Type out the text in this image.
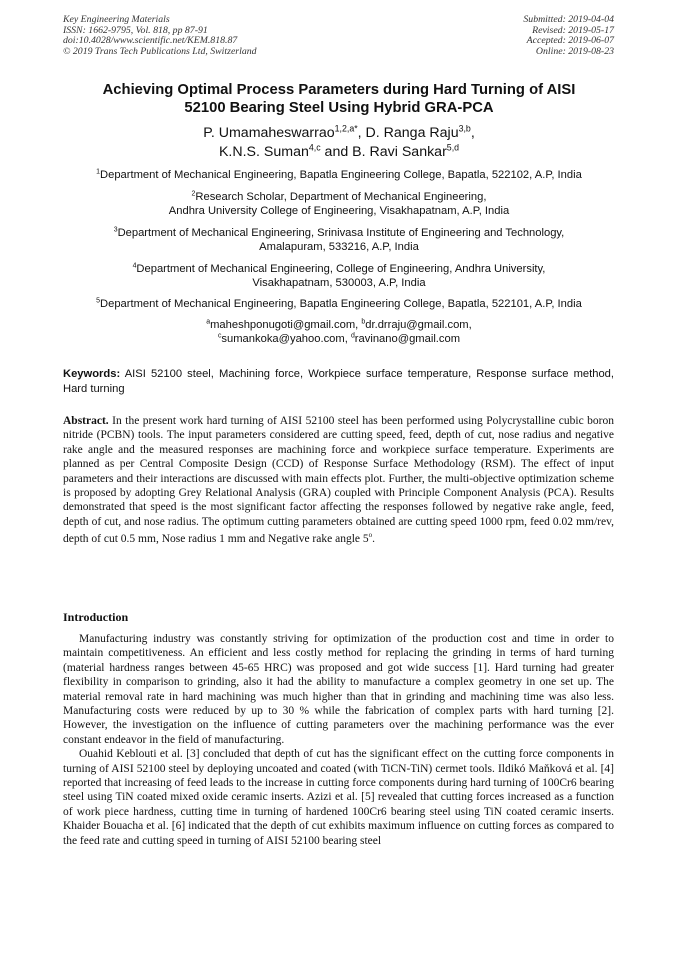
Key Engineering Materials
ISSN: 1662-9795, Vol. 818, pp 87-91
doi:10.4028/www.scientific.net/KEM.818.87
© 2019 Trans Tech Publications Ltd, Switzerland
Submitted: 2019-04-04
Revised: 2019-05-17
Accepted: 2019-06-07
Online: 2019-08-23
Achieving Optimal Process Parameters during Hard Turning of AISI
52100 Bearing Steel Using Hybrid GRA-PCA
P. Umamaheswarrao$^{1,2,a*}$, D. Ranga Raju$^{3,b}$,
K.N.S. Suman$^{4,c}$ and B. Ravi Sankar$^{5,d}$
$^1$Department of Mechanical Engineering, Bapatla Engineering College, Bapatla, 522102, A.P, India
$^2$Research Scholar, Department of Mechanical Engineering,
Andhra University College of Engineering, Visakhapatnam, A.P, India
$^3$Department of Mechanical Engineering, Srinivasa Institute of Engineering and Technology,
Amalapuram, 533216, A.P, India
$^4$Department of Mechanical Engineering, College of Engineering, Andhra University,
Visakhapatnam, 530003, A.P, India
$^5$Department of Mechanical Engineering, Bapatla Engineering College, Bapatla, 522101, A.P, India
$^a$maheshponugoti@gmail.com, $^b$dr.drraju@gmail.com,
$^c$sumankoka@yahoo.com, $^d$ravinano@gmail.com
Keywords: AISI 52100 steel, Machining force, Workpiece surface temperature, Response surface method, Hard turning
Abstract. In the present work hard turning of AISI 52100 steel has been performed using Polycrystalline cubic boron nitride (PCBN) tools. The input parameters considered are cutting speed, feed, depth of cut, nose radius and negative rake angle and the measured responses are machining force and workpiece surface temperature. Experiments are planned as per Central Composite Design (CCD) of Response Surface Methodology (RSM). The effect of input parameters and their interactions are discussed with main effects plot. Further, the multi-objective optimization scheme is proposed by adopting Grey Relational Analysis (GRA) coupled with Principle Component Analysis (PCA). Results demonstrated that speed is the most significant factor affecting the responses followed by negative rake angle, feed, depth of cut, and nose radius. The optimum cutting parameters obtained are cutting speed 1000 rpm, feed 0.02 mm/rev, depth of cut 0.5 mm, Nose radius 1 mm and Negative rake angle 5$^o$.
Introduction

Manufacturing industry was constantly striving for optimization of the production cost and time in order to maintain competitiveness. An efficient and less costly method for replacing the grinding in terms of hard turning (material hardness ranges between 45-65 HRC) was proposed and got wide success [1]. Hard turning had greater flexibility in comparison to grinding, also it had the ability to manufacture a complex geometry in one set up. The material removal rate in hard machining was much higher than that in grinding and machining time was also less. Manufacturing costs were reduced by up to 30 % while the fabrication of complex parts with hard turning [2]. However, the investigation on the influence of cutting parameters over the machining performance was the ever constant endeavor in the field of manufacturing.

Ouahid Keblouti et al. [3] concluded that depth of cut has the significant effect on the cutting force components in turning of AISI 52100 steel by deploying uncoated and coated (with TiCN-TiN) cermet tools. Ildikó Maňková et al. [4] reported that increasing of feed leads to the increase in cutting force components during hard turning of 100Cr6 bearing steel using TiN coated mixed oxide ceramic inserts. Azizi et al. [5] revealed that cutting forces increased as a function of work piece hardness, cutting time in turning of hardened 100Cr6 bearing steel using TiN coated ceramic inserts. Khaider Bouacha et al. [6] indicated that the depth of cut exhibits maximum influence on cutting forces as compared to the feed rate and cutting speed in turning of AISI 52100 bearing steel
